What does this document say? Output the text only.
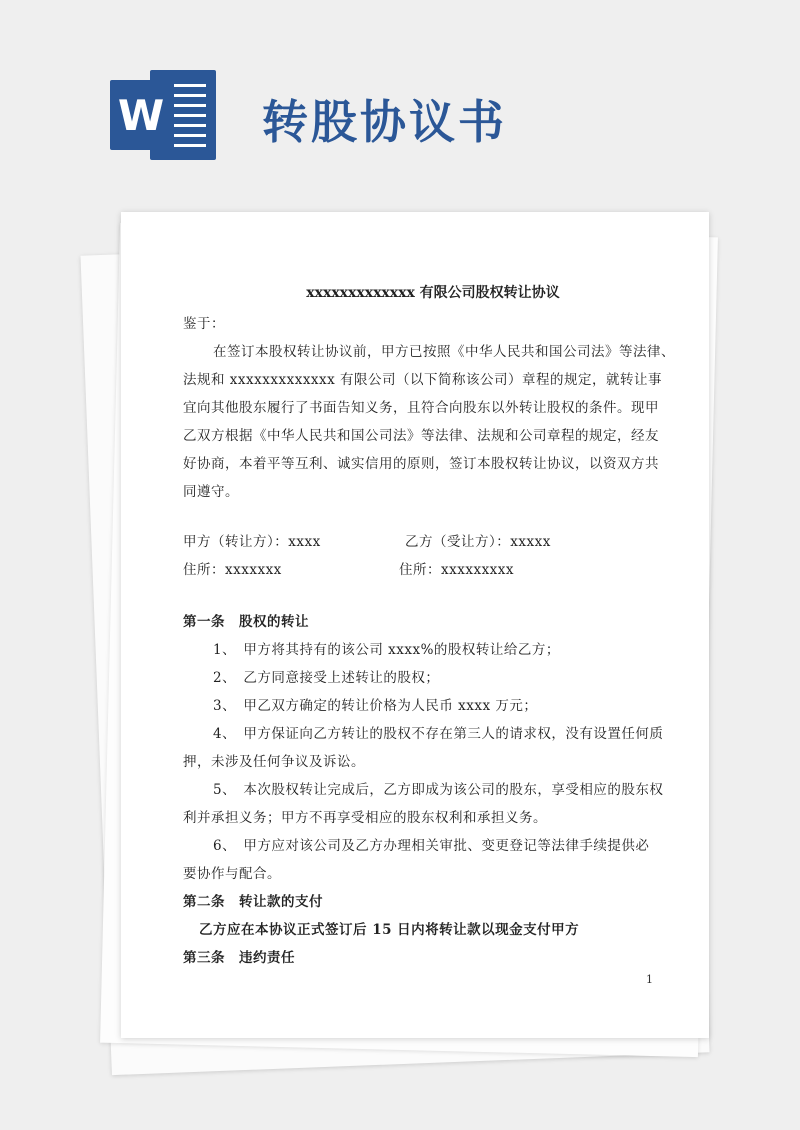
W 转股协议书
xxxxxxxxxxxxx 有限公司股权转让协议
鉴于：
在签订本股权转让协议前，甲方已按照《中华人民共和国公司法》等法律、
法规和 xxxxxxxxxxxxx 有限公司（以下简称该公司）章程的规定，就转让事
宜向其他股东履行了书面告知义务，且符合向股东以外转让股权的条件。现甲
乙双方根据《中华人民共和国公司法》等法律、法规和公司章程的规定，经友
好协商，本着平等互利、诚实信用的原则，签订本股权转让协议，以资双方共
同遵守。
甲方（转让方）：xxxx	乙方（受让方）：xxxxx
住所：xxxxxxx	住所：xxxxxxxxx
第一条　股权的转让
1、　甲方将其持有的该公司 xxxx%的股权转让给乙方；
2、　乙方同意接受上述转让的股权；
3、　甲乙双方确定的转让价格为人民币 xxxx 万元；
4、　甲方保证向乙方转让的股权不存在第三人的请求权，没有设置任何质
押，未涉及任何争议及诉讼。
5、　本次股权转让完成后，乙方即成为该公司的股东，享受相应的股东权
利并承担义务；甲方不再享受相应的股东权利和承担义务。
6、　甲方应对该公司及乙方办理相关审批、变更登记等法律手续提供必
要协作与配合。
第二条　转让款的支付
乙方应在本协议正式签订后 15 日内将转让款以现金支付甲方
第三条　违约责任
1
